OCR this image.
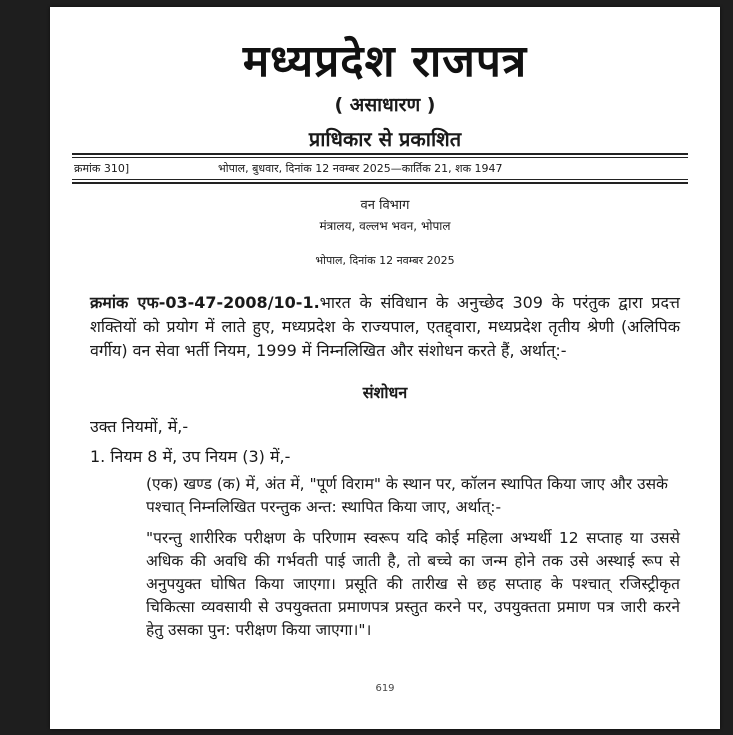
मध्यप्रदेश राजपत्र
( असाधारण )
प्राधिकार से प्रकाशित
क्रमांक 310]	भोपाल, बुधवार, दिनांक 12 नवम्बर 2025—कार्तिक 21, शक 1947
वन विभाग
मंत्रालय, वल्लभ भवन, भोपाल
भोपाल, दिनांक 12 नवम्बर 2025
क्रमांक एफ-03-47-2008/10-1.भारत के संविधान के अनुच्छेद 309 के परंतुक द्वारा प्रदत्त शक्तियों को प्रयोग में लाते हुए, मध्यप्रदेश के राज्यपाल, एतद्द्वारा, मध्यप्रदेश तृतीय श्रेणी (अलिपिक वर्गीय) वन सेवा भर्ती नियम, 1999 में निम्नलिखित और संशोधन करते हैं, अर्थात्:-
संशोधन
उक्त नियमों, में,-
1. नियम 8 में, उप नियम (3) में,-
(एक) खण्ड (क) में, अंत में, "पूर्ण विराम" के स्थान पर, कॉलन स्थापित किया जाए और उसके पश्चात् निम्नलिखित परन्तुक अन्त: स्थापित किया जाए, अर्थात्:-
"परन्तु शारीरिक परीक्षण के परिणाम स्वरूप यदि कोई महिला अभ्यर्थी 12 सप्ताह या उससे अधिक की अवधि की गर्भवती पाई जाती है, तो बच्चे का जन्म होने तक उसे अस्थाई रूप से अनुपयुक्त घोषित किया जाएगा। प्रसूति की तारीख से छह सप्ताह के पश्चात् रजिस्ट्रीकृत चिकित्सा व्यवसायी से उपयुक्तता प्रमाणपत्र प्रस्तुत करने पर, उपयुक्तता प्रमाण पत्र जारी करने हेतु उसका पुन: परीक्षण किया जाएगा।"।
619
